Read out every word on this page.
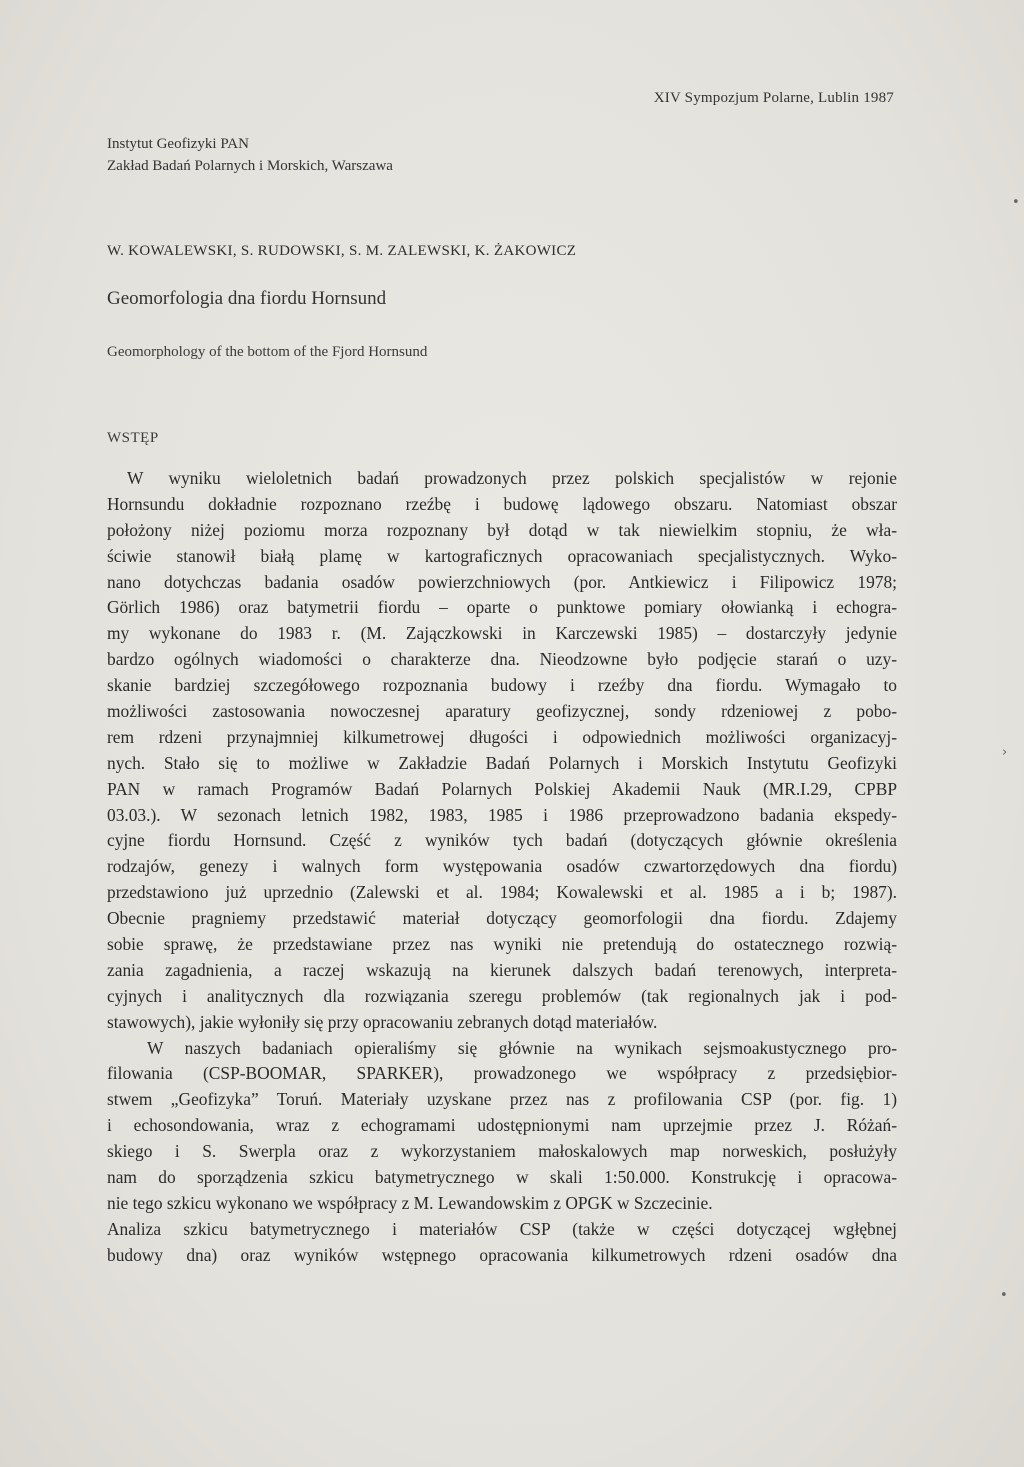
XIV Sympozjum Polarne, Lublin 1987
Instytut Geofizyki PAN
Zakład Badań Polarnych i Morskich, Warszawa
W. KOWALEWSKI, S. RUDOWSKI, S. M. ZALEWSKI, K. ŻAKOWICZ
Geomorfologia dna fiordu Hornsund
Geomorphology of the bottom of the Fjord Hornsund
WSTĘP
W wyniku wieloletnich badań prowadzonych przez polskich specjalistów w rejonie
Hornsundu dokładnie rozpoznano rzeźbę i budowę lądowego obszaru. Natomiast obszar
położony niżej poziomu morza rozpoznany był dotąd w tak niewielkim stopniu, że wła-
ściwie stanowił białą plamę w kartograficznych opracowaniach specjalistycznych. Wyko-
nano dotychczas badania osadów powierzchniowych (por. Antkiewicz i Filipowicz 1978;
Görlich 1986) oraz batymetrii fiordu – oparte o punktowe pomiary ołowianką i echogra-
my wykonane do 1983 r. (M. Zajączkowski in Karczewski 1985) – dostarczyły jedynie
bardzo ogólnych wiadomości o charakterze dna. Nieodzowne było podjęcie starań o uzy-
skanie bardziej szczegółowego rozpoznania budowy i rzeźby dna fiordu. Wymagało to
możliwości zastosowania nowoczesnej aparatury geofizycznej, sondy rdzeniowej z pobo-
rem rdzeni przynajmniej kilkumetrowej długości i odpowiednich możliwości organizacyj-
nych. Stało się to możliwe w Zakładzie Badań Polarnych i Morskich Instytutu Geofizyki
PAN w ramach Programów Badań Polarnych Polskiej Akademii Nauk (MR.I.29, CPBP
03.03.). W sezonach letnich 1982, 1983, 1985 i 1986 przeprowadzono badania ekspedy-
cyjne fiordu Hornsund. Część z wyników tych badań (dotyczących głównie określenia
rodzajów, genezy i walnych form występowania osadów czwartorzędowych dna fiordu)
przedstawiono już uprzednio (Zalewski et al. 1984; Kowalewski et al. 1985 a i b; 1987).
Obecnie pragniemy przedstawić materiał dotyczący geomorfologii dna fiordu. Zdajemy
sobie sprawę, że przedstawiane przez nas wyniki nie pretendują do ostatecznego rozwią-
zania zagadnienia, a raczej wskazują na kierunek dalszych badań terenowych, interpreta-
cyjnych i analitycznych dla rozwiązania szeregu problemów (tak regionalnych jak i pod-
stawowych), jakie wyłoniły się przy opracowaniu zebranych dotąd materiałów.
W naszych badaniach opieraliśmy się głównie na wynikach sejsmoakustycznego pro-
filowania (CSP-BOOMAR, SPARKER), prowadzonego we współpracy z przedsiębior-
stwem „Geofizyka” Toruń. Materiały uzyskane przez nas z profilowania CSP (por. fig. 1)
i echosondowania, wraz z echogramami udostępnionymi nam uprzejmie przez J. Różań-
skiego i S. Swerpla oraz z wykorzystaniem małoskalowych map norweskich, posłużyły
nam do sporządzenia szkicu batymetrycznego w skali 1:50.000. Konstrukcję i opracowa-
nie tego szkicu wykonano we współpracy z M. Lewandowskim z OPGK w Szczecinie.
Analiza szkicu batymetrycznego i materiałów CSP (także w części dotyczącej wgłębnej
budowy dna) oraz wyników wstępnego opracowania kilkumetrowych rdzeni osadów dna
•
›
•
